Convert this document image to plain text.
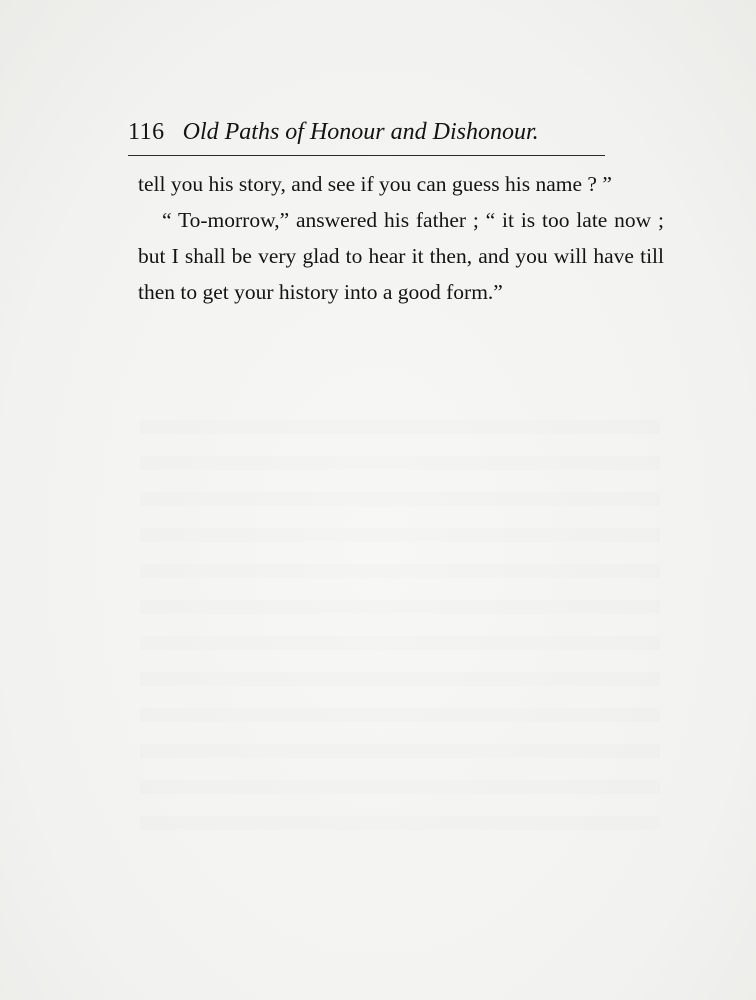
116 Old Paths of Honour and Dishonour.

tell you his story, and see if you can guess his name ? ”

“ To-morrow,” answered his father ; “ it is too late now ; but I shall be very glad to hear it then, and you will have till then to get your history into a good form.”
